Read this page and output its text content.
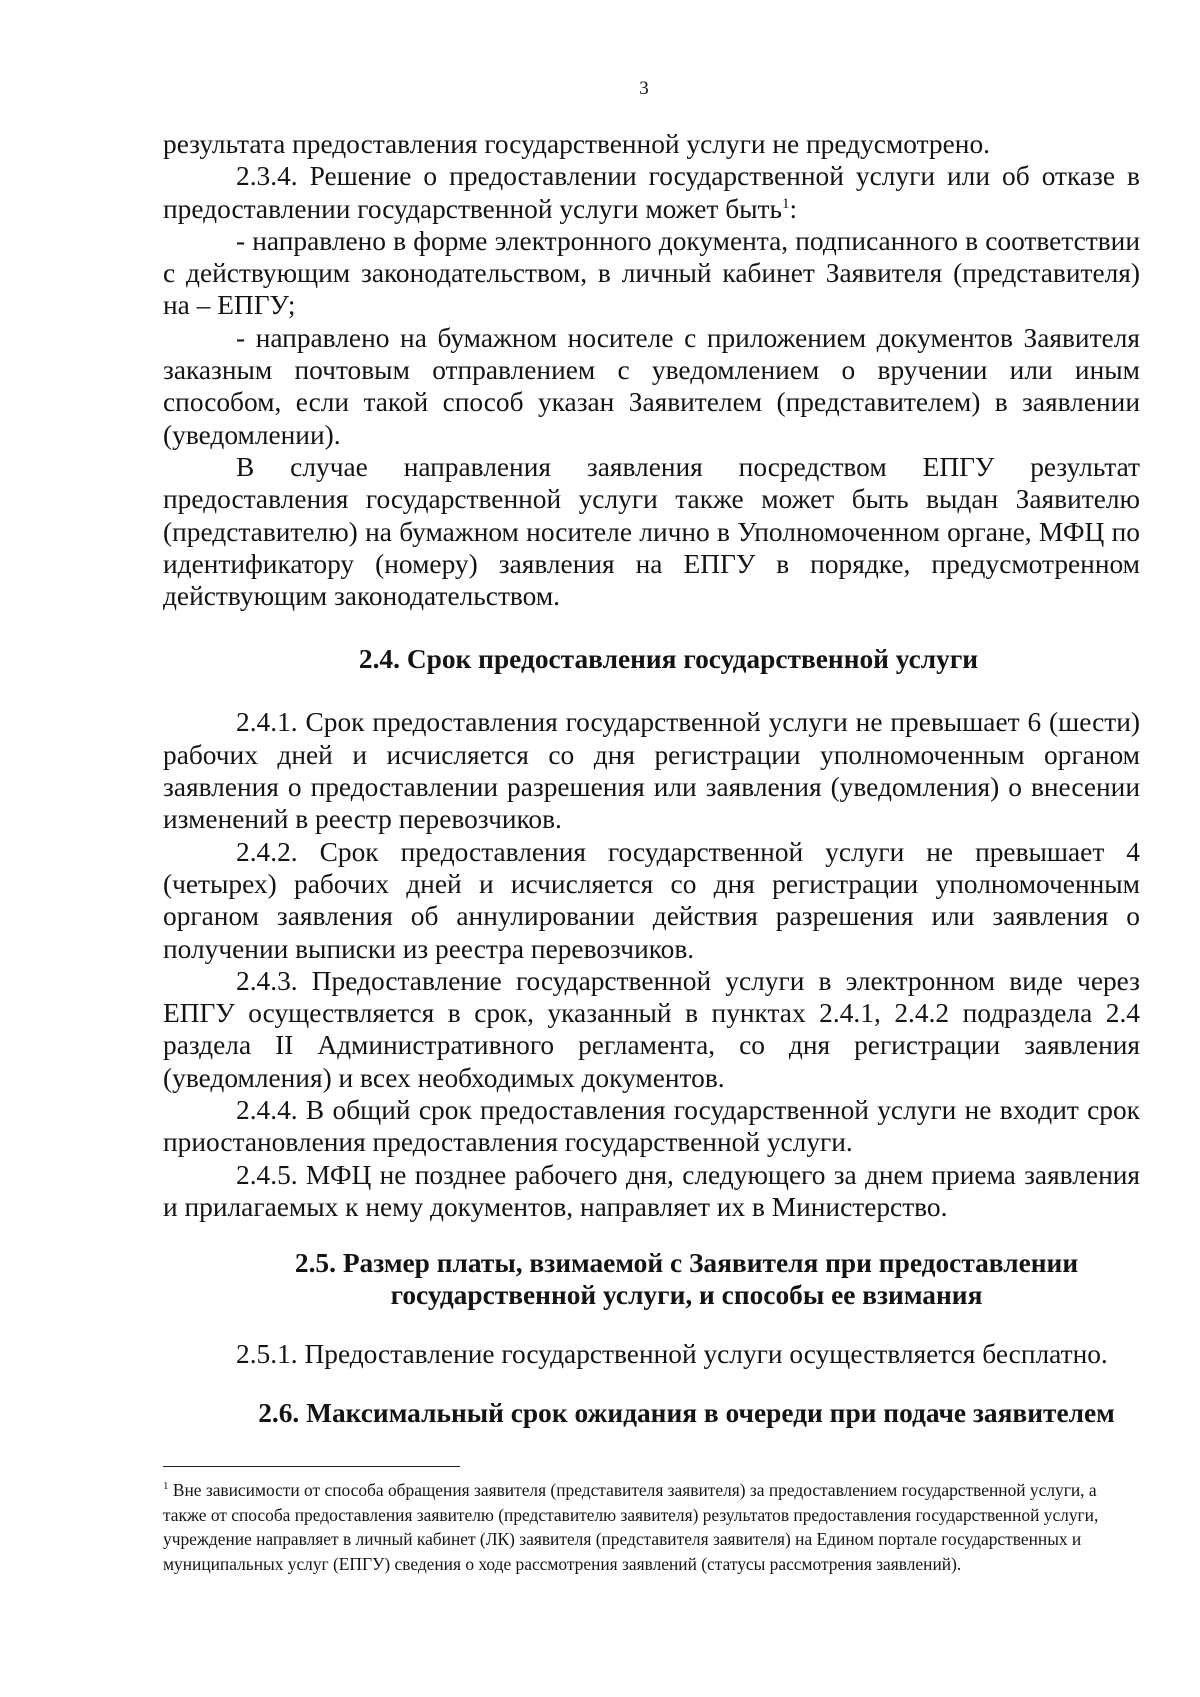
3

результата предоставления государственной услуги не предусмотрено.

2.3.4. Решение о предоставлении государственной услуги или об отказе в предоставлении государственной услуги может быть$^1$:

- направлено в форме электронного документа, подписанного в соответствии с действующим законодательством, в личный кабинет Заявителя (представителя) на – ЕПГУ;

- направлено на бумажном носителе с приложением документов Заявителя заказным почтовым отправлением с уведомлением о вручении или иным способом, если такой способ указан Заявителем (представителем) в заявлении (уведомлении).

В случае направления заявления посредством ЕПГУ результат предоставления государственной услуги также может быть выдан Заявителю (представителю) на бумажном носителе лично в Уполномоченном органе, МФЦ по идентификатору (номеру) заявления на ЕПГУ в порядке, предусмотренном действующим законодательством.

2.4. Срок предоставления государственной услуги

2.4.1. Срок предоставления государственной услуги не превышает 6 (шести) рабочих дней и исчисляется со дня регистрации уполномоченным органом заявления о предоставлении разрешения или заявления (уведомления) о внесении изменений в реестр перевозчиков.

2.4.2. Срок предоставления государственной услуги не превышает 4 (четырех) рабочих дней и исчисляется со дня регистрации уполномоченным органом заявления об аннулировании действия разрешения или заявления о получении выписки из реестра перевозчиков.

2.4.3. Предоставление государственной услуги в электронном виде через ЕПГУ осуществляется в срок, указанный в пунктах 2.4.1, 2.4.2 подраздела 2.4 раздела II Административного регламента, со дня регистрации заявления (уведомления) и всех необходимых документов.

2.4.4. В общий срок предоставления государственной услуги не входит срок приостановления предоставления государственной услуги.

2.4.5. МФЦ не позднее рабочего дня, следующего за днем приема заявления и прилагаемых к нему документов, направляет их в Министерство.

2.5. Размер платы, взимаемой с Заявителя при предоставлении
государственной услуги, и способы ее взимания

2.5.1. Предоставление государственной услуги осуществляется бесплатно.

2.6. Максимальный срок ожидания в очереди при подаче заявителем

$^1$ Вне зависимости от способа обращения заявителя (представителя заявителя) за предоставлением государственной услуги, а также от способа предоставления заявителю (представителю заявителя) результатов предоставления государственной услуги, учреждение направляет в личный кабинет (ЛК) заявителя (представителя заявителя) на Едином портале государственных и муниципальных услуг (ЕПГУ) сведения о ходе рассмотрения заявлений (статусы рассмотрения заявлений).
